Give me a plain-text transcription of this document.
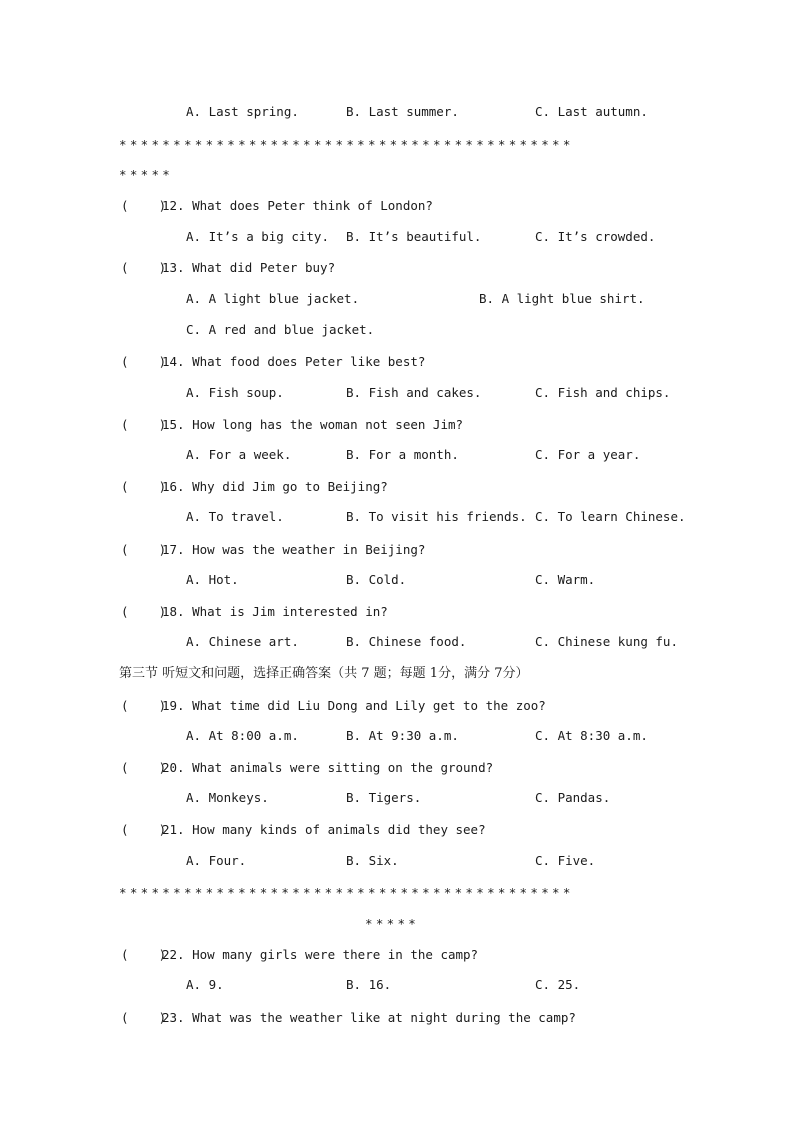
A. Last spring.	B. Last summer.	C. Last autumn.
******************************************
*****
(    )
12. What does Peter think of London?
A. It’s a big city. B. It’s beautiful.	C. It’s crowded.
(    )
13. What did Peter buy?
A. A light blue jacket.	B. A light blue shirt.
C. A red and blue jacket.
(    )
14. What food does Peter like best?
A. Fish soup.	B. Fish and cakes.	C. Fish and chips.
(    )
15. How long has the woman not seen Jim?
A. For a week.	B. For a month.	C. For a year.
(    )
16. Why did Jim go to Beijing?
A. To travel.	B. To visit his friends. C. To learn Chinese.
(    )
17. How was the weather in Beijing?
A. Hot.	B. Cold.	C. Warm.
(    )
18. What is Jim interested in?
A. Chinese art.	B. Chinese food.	C. Chinese kung fu.
第三节 听短文和问题，选择正确答案（共 7 题；每题 1分，满分 7分）
(    )
19. What time did Liu Dong and Lily get to the zoo?
A. At 8:00 a.m.	B. At 9:30 a.m.	C. At 8:30 a.m.
(    )
20. What animals were sitting on the ground?
A. Monkeys.	B. Tigers.	C. Pandas.
(    )
21. How many kinds of animals did they see?
A. Four.	B. Six.	C. Five.
******************************************
*****
(    )
22. How many girls were there in the camp?
A. 9.	B. 16.	C. 25.
(    )
23. What was the weather like at night during the camp?
